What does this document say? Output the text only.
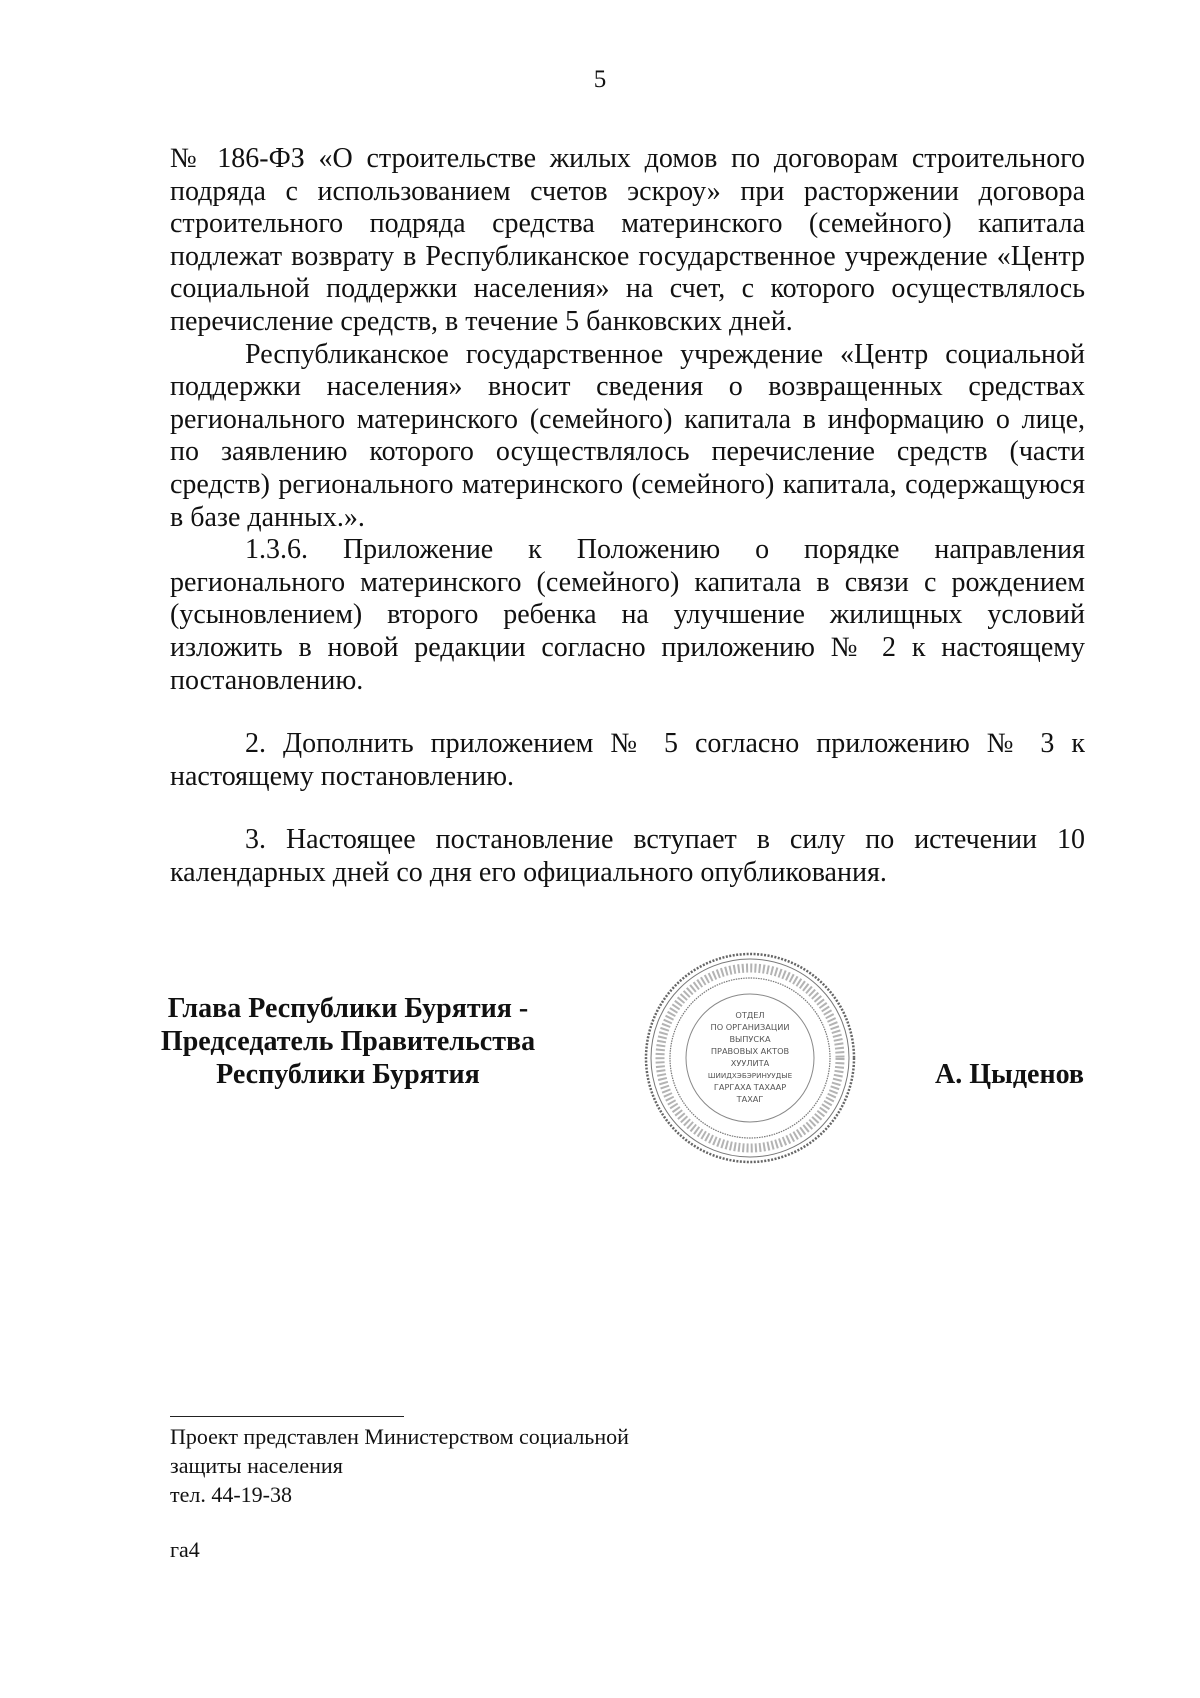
5

№ 186-ФЗ «О строительстве жилых домов по договорам строительного подряда с использованием счетов эскроу» при расторжении договора строительного подряда средства материнского (семейного) капитала подлежат возврату в Республиканское государственное учреждение «Центр социальной поддержки населения» на счет, с которого осуществлялось перечисление средств, в течение 5 банковских дней.

Республиканское государственное учреждение «Центр социальной поддержки населения» вносит сведения о возвращенных средствах регионального материнского (семейного) капитала в информацию о лице, по заявлению которого осуществлялось перечисление средств (части средств) регионального материнского (семейного) капитала, содержащуюся в базе данных.».

1.3.6. Приложение к Положению о порядке направления регионального материнского (семейного) капитала в связи с рождением (усыновлением) второго ребенка на улучшение жилищных условий изложить в новой редакции согласно приложению № 2 к настоящему постановлению.

2. Дополнить приложением № 5 согласно приложению № 3 к настоящему постановлению.

3. Настоящее постановление вступает в силу по истечении 10 календарных дней со дня его официального опубликования.

Глава Республики Бурятия -
Председатель Правительства
Республики Бурятия
ОТДЕЛ
ПО ОРГАНИЗАЦИИ
ВЫПУСКА
ПРАВОВЫХ АКТОВ
ХУУЛИТА
ШИИДХЭБЭРИНУУДЫЕ
ГАРГАХА ТАХААР
ТАХАГ
А. Цыденов
Проект представлен Министерством социальной
защиты населения
тел. 44-19-38
га4
